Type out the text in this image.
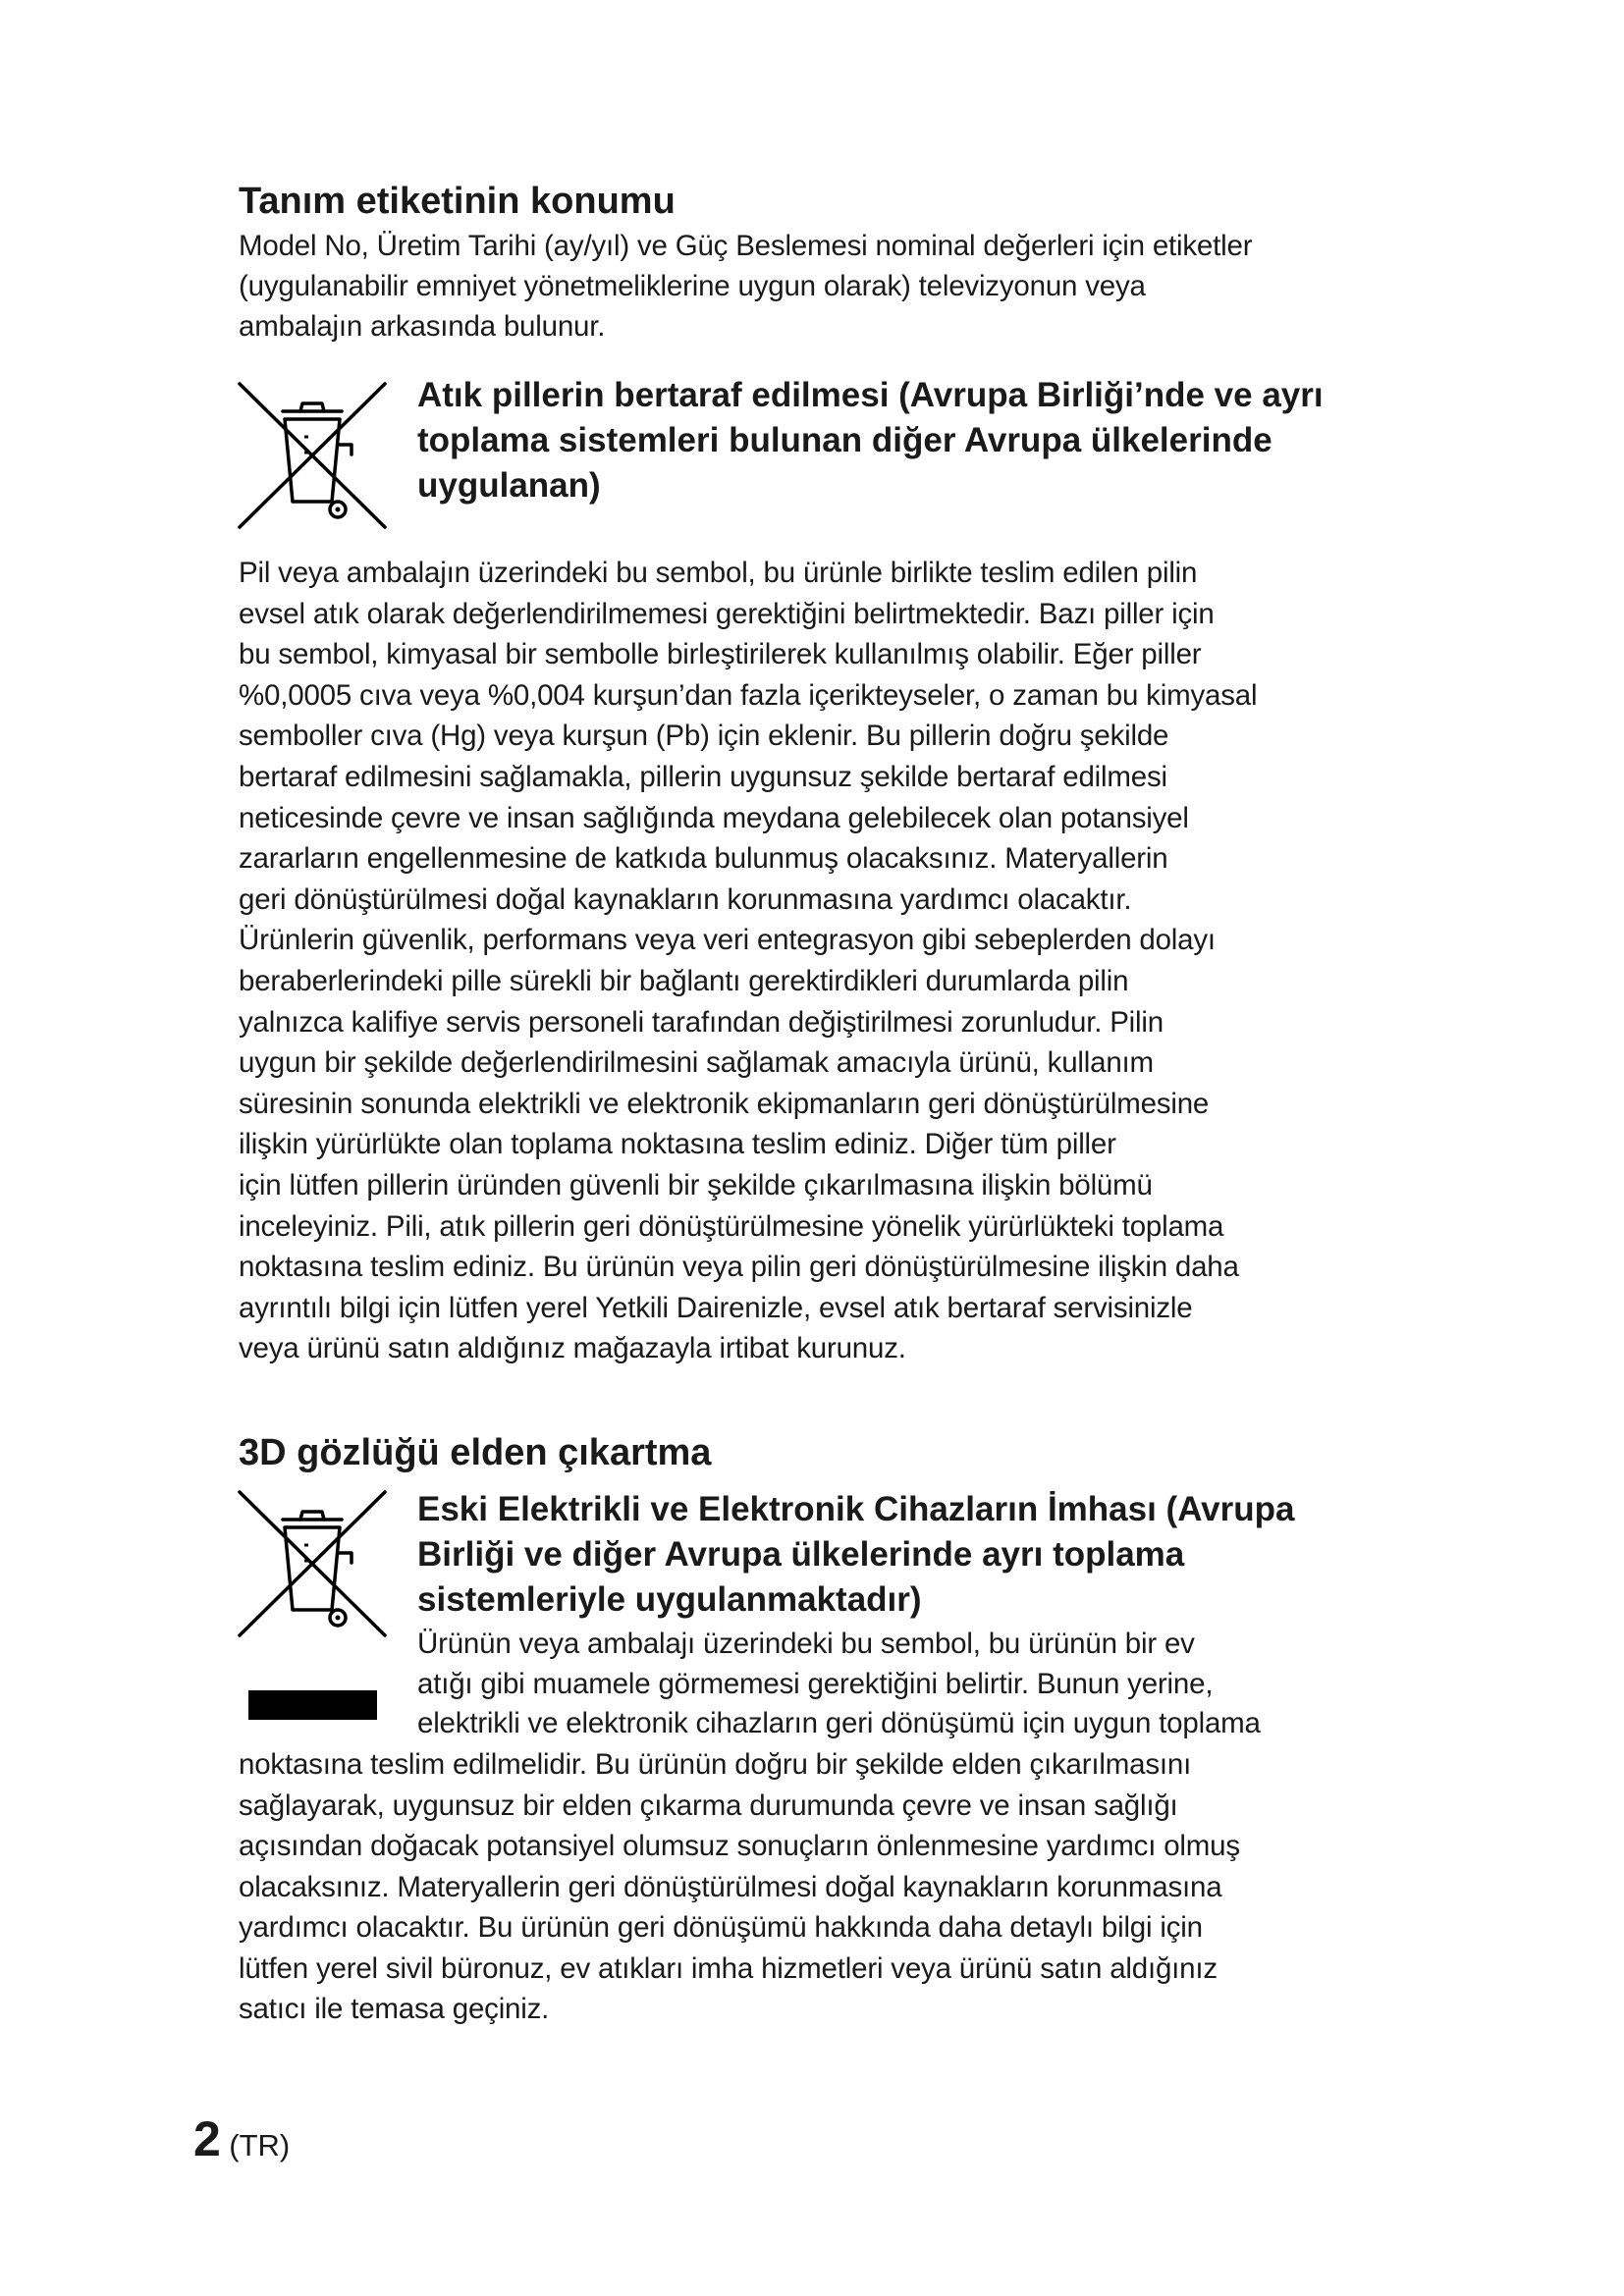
Tanım etiketinin konumu
Model No, Üretim Tarihi (ay/yıl) ve Güç Beslemesi nominal değerleri için etiketler
(uygulanabilir emniyet yönetmeliklerine uygun olarak) televizyonun veya
ambalajın arkasında bulunur.
Atık pillerin bertaraf edilmesi (Avrupa Birliği’nde ve ayrı
toplama sistemleri bulunan diğer Avrupa ülkelerinde
uygulanan)
Pil veya ambalajın üzerindeki bu sembol, bu ürünle birlikte teslim edilen pilin
evsel atık olarak değerlendirilmemesi gerektiğini belirtmektedir. Bazı piller için
bu sembol, kimyasal bir sembolle birleştirilerek kullanılmış olabilir. Eğer piller
%0,0005 cıva veya %0,004 kurşun’dan fazla içerikteyseler, o zaman bu kimyasal
semboller cıva (Hg) veya kurşun (Pb) için eklenir. Bu pillerin doğru şekilde
bertaraf edilmesini sağlamakla, pillerin uygunsuz şekilde bertaraf edilmesi
neticesinde çevre ve insan sağlığında meydana gelebilecek olan potansiyel
zararların engellenmesine de katkıda bulunmuş olacaksınız. Materyallerin
geri dönüştürülmesi doğal kaynakların korunmasına yardımcı olacaktır.
Ürünlerin güvenlik, performans veya veri entegrasyon gibi sebeplerden dolayı
beraberlerindeki pille sürekli bir bağlantı gerektirdikleri durumlarda pilin
yalnızca kalifiye servis personeli tarafından değiştirilmesi zorunludur. Pilin
uygun bir şekilde değerlendirilmesini sağlamak amacıyla ürünü, kullanım
süresinin sonunda elektrikli ve elektronik ekipmanların geri dönüştürülmesine
ilişkin yürürlükte olan toplama noktasına teslim ediniz. Diğer tüm piller
için lütfen pillerin üründen güvenli bir şekilde çıkarılmasına ilişkin bölümü
inceleyiniz. Pili, atık pillerin geri dönüştürülmesine yönelik yürürlükteki toplama
noktasına teslim ediniz. Bu ürünün veya pilin geri dönüştürülmesine ilişkin daha
ayrıntılı bilgi için lütfen yerel Yetkili Dairenizle, evsel atık bertaraf servisinizle
veya ürünü satın aldığınız mağazayla irtibat kurunuz.
3D gözlüğü elden çıkartma
Eski Elektrikli ve Elektronik Cihazların İmhası (Avrupa
Birliği ve diğer Avrupa ülkelerinde ayrı toplama
sistemleriyle uygulanmaktadır)
Ürünün veya ambalajı üzerindeki bu sembol, bu ürünün bir ev
atığı gibi muamele görmemesi gerektiğini belirtir. Bunun yerine,
elektrikli ve elektronik cihazların geri dönüşümü için uygun toplama
noktasına teslim edilmelidir. Bu ürünün doğru bir şekilde elden çıkarılmasını
sağlayarak, uygunsuz bir elden çıkarma durumunda çevre ve insan sağlığı
açısından doğacak potansiyel olumsuz sonuçların önlenmesine yardımcı olmuş
olacaksınız. Materyallerin geri dönüştürülmesi doğal kaynakların korunmasına
yardımcı olacaktır. Bu ürünün geri dönüşümü hakkında daha detaylı bilgi için
lütfen yerel sivil büronuz, ev atıkları imha hizmetleri veya ürünü satın aldığınız
satıcı ile temasa geçiniz.
2 (TR)
